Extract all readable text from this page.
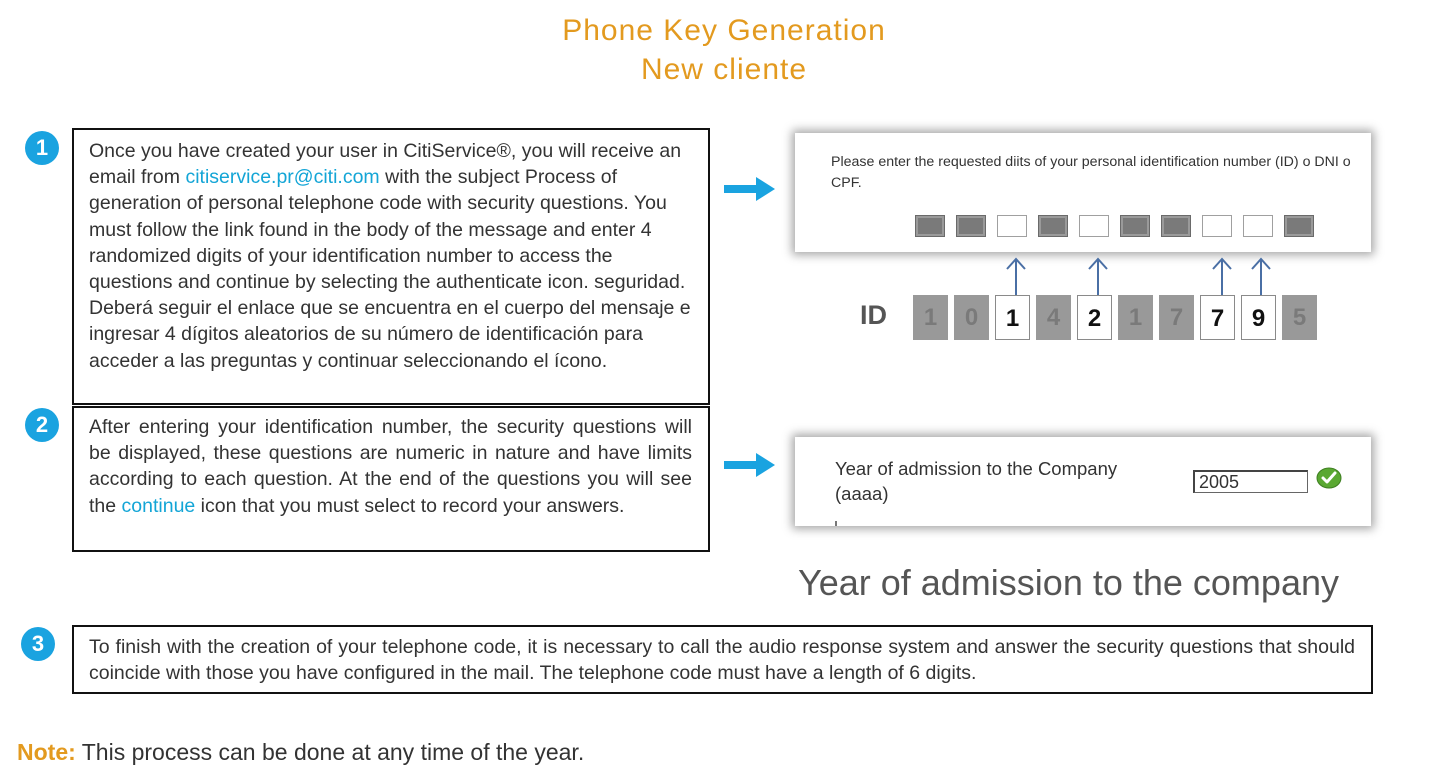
Phone Key Generation
New cliente
1	Once you have created your user in CitiService®, you will receive an email from citiservice.pr@citi.com with the subject Process of generation of personal telephone code with security questions. You must follow the link found in the body of the message and enter 4 randomized digits of your identification number to access the questions and continue by selecting the authenticate icon. seguridad. Deberá seguir el enlace que se encuentra en el cuerpo del mensaje e ingresar 4 dígitos aleatorios de su número de identificación para acceder a las preguntas y continuar seleccionando el ícono.

2	After entering your identification number, the security questions will be displayed, these questions are numeric in nature and have limits according to each question. At the end of the questions you will see the continue icon that you must select to record your answers.

3	To finish with the creation of your telephone code, it is necessary to call the audio response system and answer the security questions that should coincide with those you have configured in the mail. The telephone code must have a length of 6 digits.

Please enter the requested diits of your personal identification number (ID) o DNI o CPF.
ID	1	0	1	4	2	1	7	7	9	5
Year of admission to the Company
(aaaa)
2005
Year of admission to the company
Note: This process can be done at any time of the year.
